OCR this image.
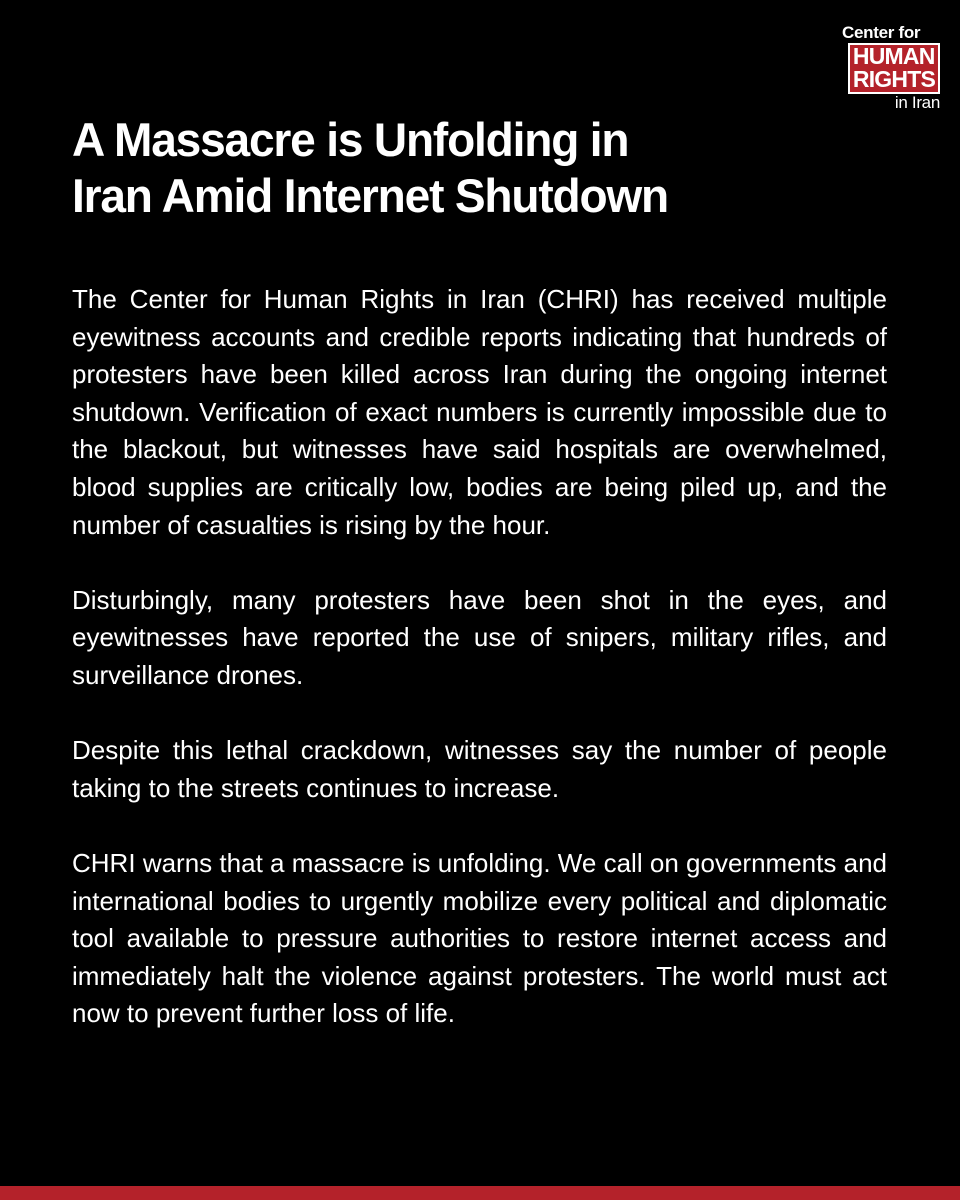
Center for
HUMAN
RIGHTS
in Iran
A Massacre is Unfolding in
Iran Amid Internet Shutdown

The Center for Human Rights in Iran (CHRI) has received multiple eyewitness accounts and credible reports indicating that hundreds of protesters have been killed across Iran during the ongoing internet shutdown. Verification of exact numbers is currently impossible due to the blackout, but witnesses have said hospitals are overwhelmed, blood supplies are critically low, bodies are being piled up, and the number of casualties is rising by the hour.

Disturbingly, many protesters have been shot in the eyes, and eyewitnesses have reported the use of snipers, military rifles, and surveillance drones.

Despite this lethal crackdown, witnesses say the number of people taking to the streets continues to increase.

CHRI warns that a massacre is unfolding. We call on governments and international bodies to urgently mobilize every political and diplomatic tool available to pressure authorities to restore internet access and immediately halt the violence against protesters. The world must act now to prevent further loss of life.
